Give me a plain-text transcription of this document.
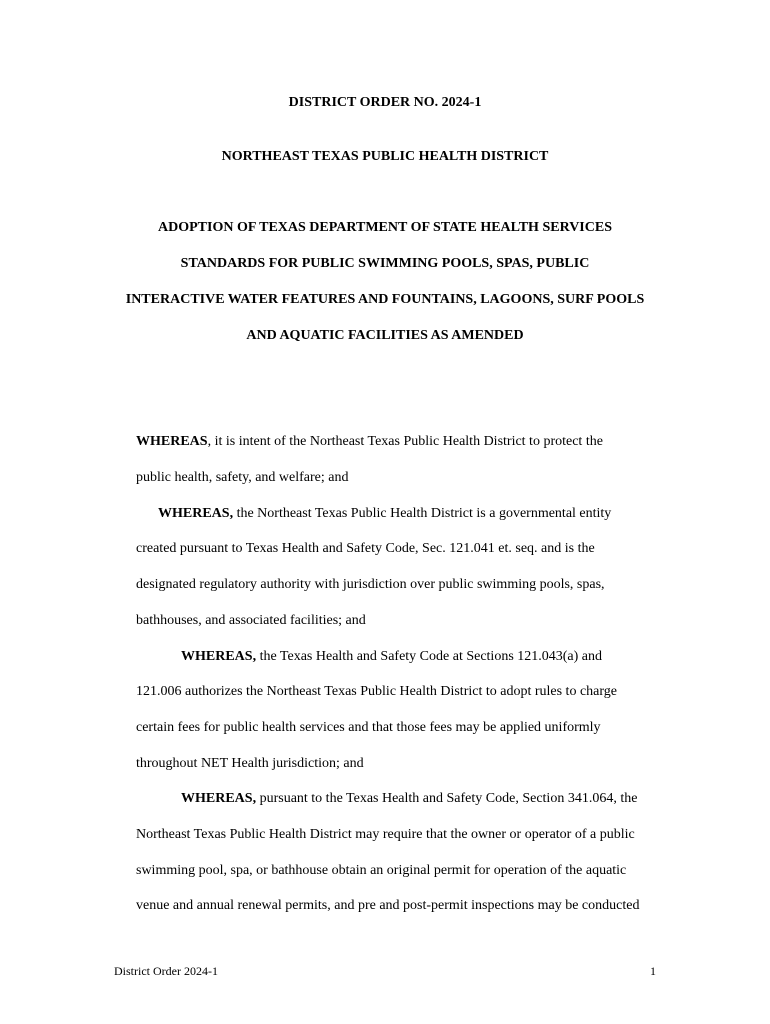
DISTRICT ORDER NO. 2024-1
NORTHEAST TEXAS PUBLIC HEALTH DISTRICT
ADOPTION OF TEXAS DEPARTMENT OF STATE HEALTH SERVICES
STANDARDS FOR PUBLIC SWIMMING POOLS, SPAS, PUBLIC
INTERACTIVE WATER FEATURES AND FOUNTAINS, LAGOONS, SURF POOLS
AND AQUATIC FACILITIES AS AMENDED
WHEREAS, it is intent of the Northeast Texas Public Health District to protect the
public health, safety, and welfare; and
WHEREAS, the Northeast Texas Public Health District is a governmental entity
created pursuant to Texas Health and Safety Code, Sec. 121.041 et. seq. and is the
designated regulatory authority with jurisdiction over public swimming pools, spas,
bathhouses, and associated facilities; and
WHEREAS, the Texas Health and Safety Code at Sections 121.043(a) and
121.006 authorizes the Northeast Texas Public Health District to adopt rules to charge
certain fees for public health services and that those fees may be applied uniformly
throughout NET Health jurisdiction; and
WHEREAS, pursuant to the Texas Health and Safety Code, Section 341.064, the
Northeast Texas Public Health District may require that the owner or operator of a public
swimming pool, spa, or bathhouse obtain an original permit for operation of the aquatic
venue and annual renewal permits, and pre and post-permit inspections may be conducted
District Order 2024-1	1
